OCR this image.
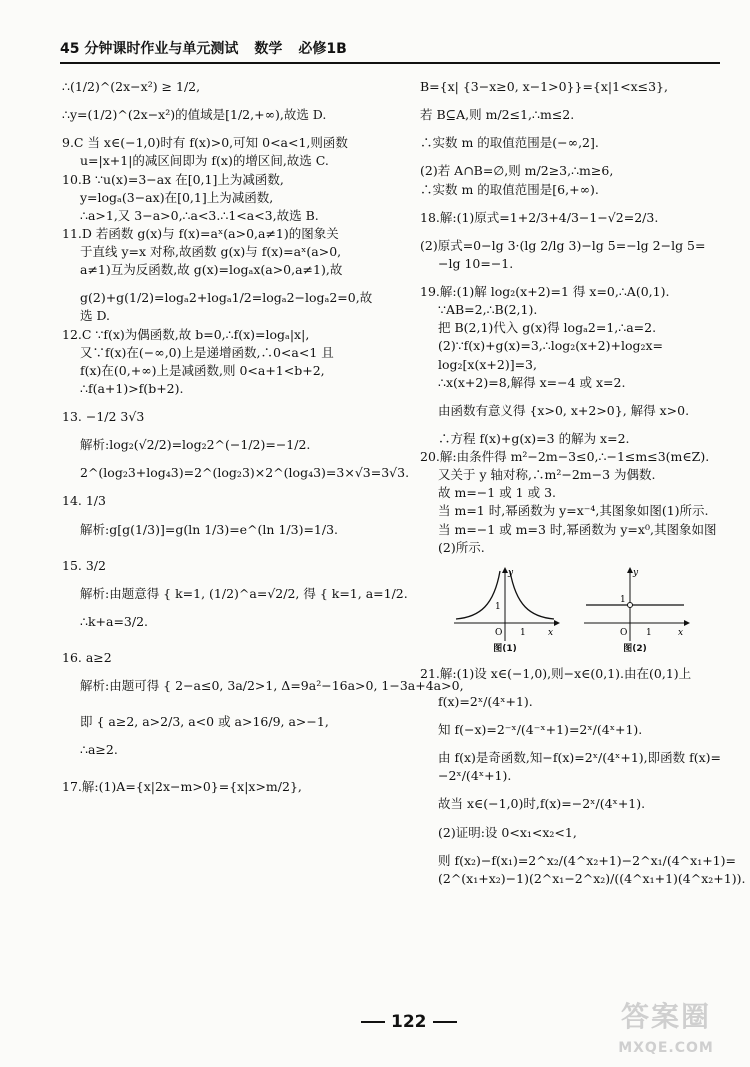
45 分钟课时作业与单元测试 数学 必修1B

∴(1/2)^(2x−x²) ≥ 1/2,

∴y=(1/2)^(2x−x²)的值域是[1/2,+∞),故选 D.

9.C 当 x∈(−1,0)时有 f(x)>0,可知 0<a<1,则函数

u=|x+1|的减区间即为 f(x)的增区间,故选 C.

10.B ∵u(x)=3−ax 在[0,1]上为减函数,

y=logₐ(3−ax)在[0,1]上为减函数,

∴a>1,又 3−a>0,∴a<3.∴1<a<3,故选 B.

11.D 若函数 g(x)与 f(x)=aˣ(a>0,a≠1)的图象关

于直线 y=x 对称,故函数 g(x)与 f(x)=aˣ(a>0,

a≠1)互为反函数,故 g(x)=logₐx(a>0,a≠1),故

g(2)+g(1/2)=logₐ2+logₐ1/2=logₐ2−logₐ2=0,故

选 D.

12.C ∵f(x)为偶函数,故 b=0,∴f(x)=logₐ|x|,

又∵f(x)在(−∞,0)上是递增函数,∴0<a<1 且

f(x)在(0,+∞)上是减函数,则 0<a+1<b+2,

∴f(a+1)>f(b+2).

13. −1/2 3√3

解析:log₂(√2/2)=log₂2^(−1/2)=−1/2.

2^(log₂3+log₄3)=2^(log₂3)×2^(log₄3)=3×√3=3√3.

14. 1/3

解析:g[g(1/3)]=g(ln 1/3)=e^(ln 1/3)=1/3.

15. 3/2

解析:由题意得 { k=1, (1/2)^a=√2/2, 得 { k=1, a=1/2.

∴k+a=3/2.

16. a≥2

解析:由题可得 { 2−a≤0, 3a/2>1, Δ=9a²−16a>0, 1−3a+4a>0,

即 { a≥2, a>2/3, a<0 或 a>16/9, a>−1,

∴a≥2.

17.解:(1)A={x|2x−m>0}={x|x>m/2},

B={x| {3−x≥0, x−1>0}}={x|1<x≤3},

若 B⊆A,则 m/2≤1,∴m≤2.

∴实数 m 的取值范围是(−∞,2].

(2)若 A∩B=∅,则 m/2≥3,∴m≥6,

∴实数 m 的取值范围是[6,+∞).

18.解:(1)原式=1+2/3+4/3−1−√2=2/3.

(2)原式=0−lg 3·(lg 2/lg 3)−lg 5=−lg 2−lg 5=

−lg 10=−1.

19.解:(1)解 log₂(x+2)=1 得 x=0,∴A(0,1).

∵AB=2,∴B(2,1).

把 B(2,1)代入 g(x)得 logₐ2=1,∴a=2.

(2)∵f(x)+g(x)=3,∴log₂(x+2)+log₂x=

log₂[x(x+2)]=3,

∴x(x+2)=8,解得 x=−4 或 x=2.

由函数有意义得 {x>0, x+2>0}, 解得 x>0.

∴方程 f(x)+g(x)=3 的解为 x=2.

20.解:由条件得 m²−2m−3≤0,∴−1≤m≤3(m∈Z).

又关于 y 轴对称,∴m²−2m−3 为偶数.

故 m=−1 或 1 或 3.

当 m=1 时,幂函数为 y=x⁻⁴,其图象如图(1)所示.

当 m=−1 或 m=3 时,幂函数为 y=x⁰,其图象如图

(2)所示.

y
x
O 1
1
图(1)
y
x
O 1
1
图(2)

21.解:(1)设 x∈(−1,0),则−x∈(0,1).由在(0,1)上

f(x)=2ˣ/(4ˣ+1).

知 f(−x)=2⁻ˣ/(4⁻ˣ+1)=2ˣ/(4ˣ+1).

由 f(x)是奇函数,知−f(x)=2ˣ/(4ˣ+1),即函数 f(x)=

−2ˣ/(4ˣ+1).

故当 x∈(−1,0)时,f(x)=−2ˣ/(4ˣ+1).

(2)证明:设 0<x₁<x₂<1,

则 f(x₂)−f(x₁)=2^x₂/(4^x₂+1)−2^x₁/(4^x₁+1)=

(2^(x₁+x₂)−1)(2^x₁−2^x₂)/((4^x₁+1)(4^x₂+1)).

122	答案圈
MXQE.COM
